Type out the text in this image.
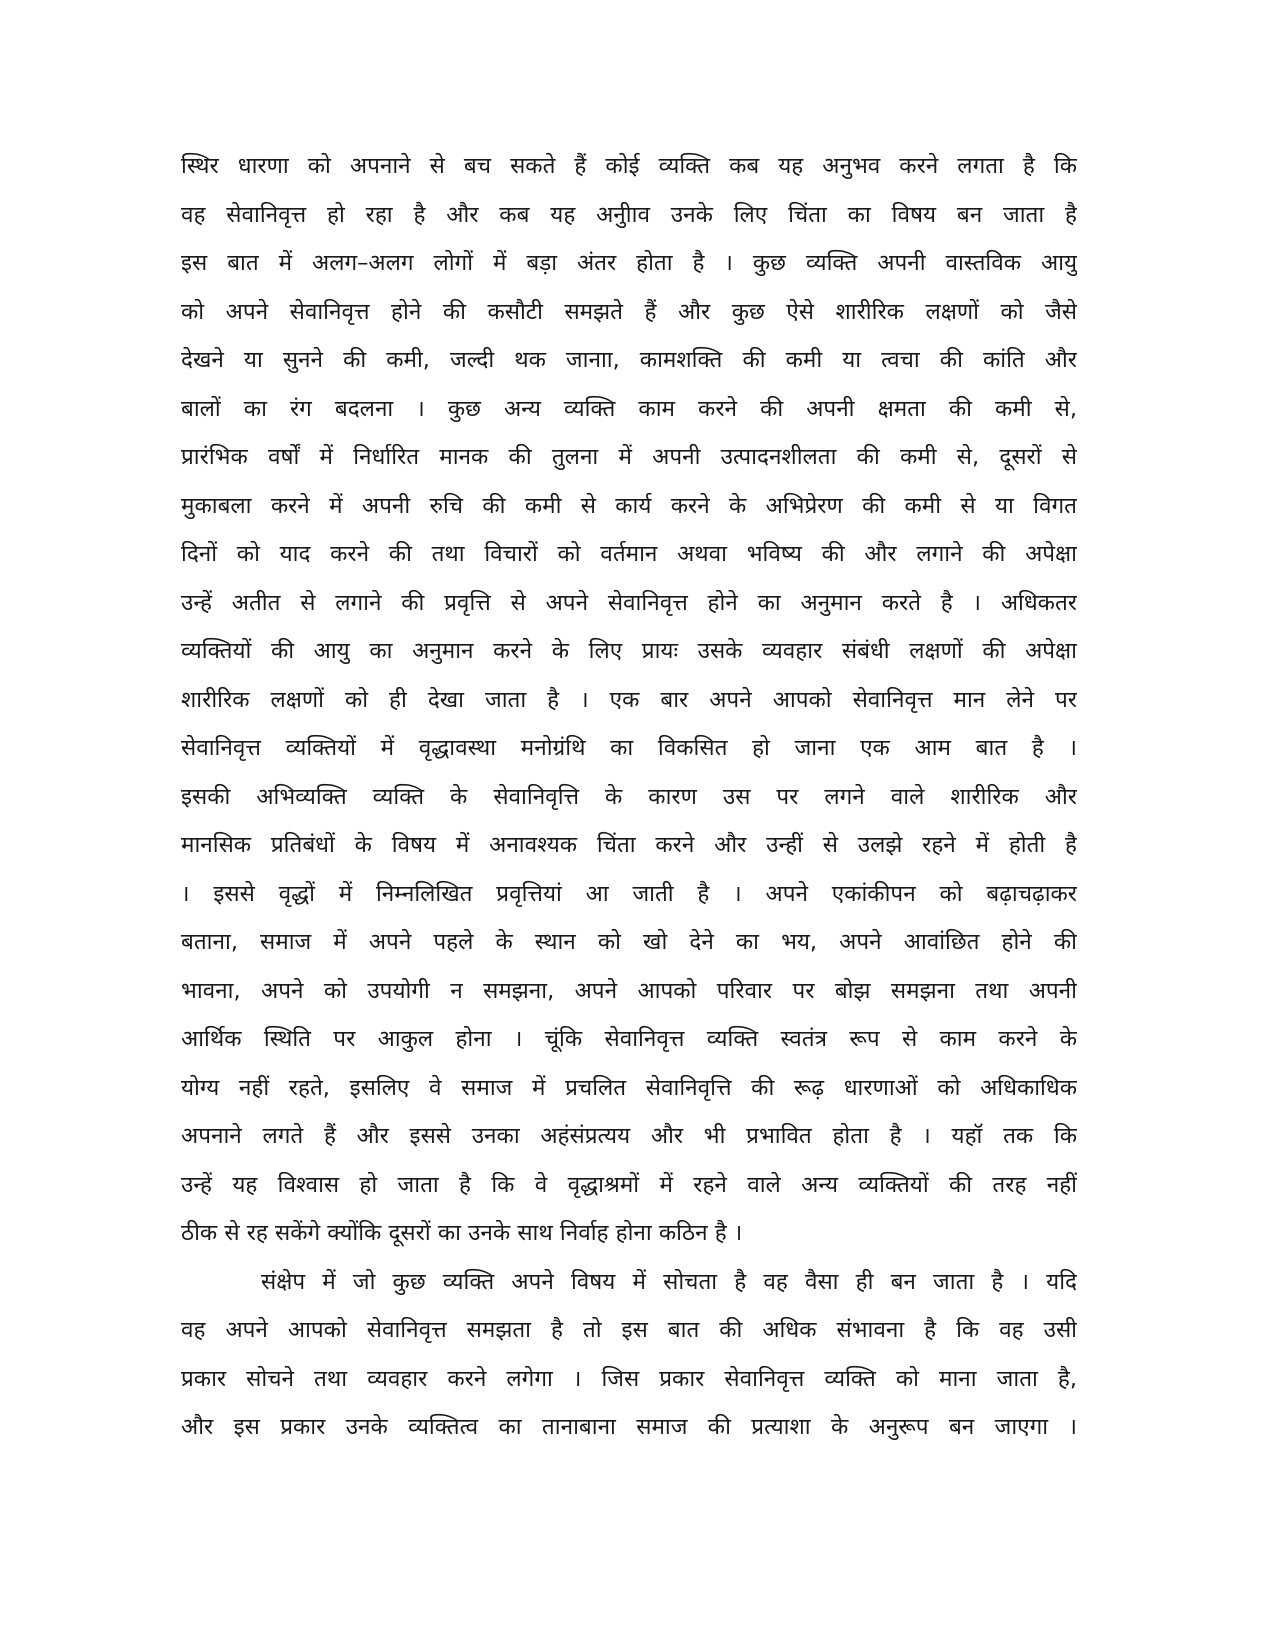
स्थिर धारणा को अपनाने से बच सकते हैं कोई व्यक्ति कब यह अनुभव करने लगता है कि
वह सेवानिवृत्त हो रहा है और कब यह अनुीाव उनके लिए चिंता का विषय बन जाता है
इस बात में अलग–अलग लोगों में बड़ा अंतर होता है । कुछ व्यक्ति अपनी वास्तविक आयु
को अपने सेवानिवृत्त होने की कसौटी समझते हैं और कुछ ऐसे शारीरिक लक्षणों को जैसे
देखने या सुनने की कमी, जल्दी थक जानाा, कामशक्ति की कमी या त्वचा की कांति और
बालों का रंग बदलना । कुछ अन्य व्यक्ति काम करने की अपनी क्षमता की कमी से,
प्रारंभिक वर्षों में निर्धारित मानक की तुलना में अपनी उत्पादनशीलता की कमी से, दूसरों से
मुकाबला करने में अपनी रुचि की कमी से कार्य करने के अभिप्रेरण की कमी से या विगत
दिनों को याद करने की तथा विचारों को वर्तमान अथवा भविष्य की और लगाने की अपेक्षा
उन्हें अतीत से लगाने की प्रवृत्ति से अपने सेवानिवृत्त होने का अनुमान करते है । अधिकतर
व्यक्तियों की आयु का अनुमान करने के लिए प्रायः उसके व्यवहार संबंधी लक्षणों की अपेक्षा
शारीरिक लक्षणों को ही देखा जाता है । एक बार अपने आपको सेवानिवृत्त मान लेने पर
सेवानिवृत्त व्यक्तियों में वृद्धावस्था मनोग्रंथि का विकसित हो जाना एक आम बात है ।
इसकी अभिव्यक्ति व्यक्ति के सेवानिवृत्ति के कारण उस पर लगने वाले शारीरिक और
मानसिक प्रतिबंधों के विषय में अनावश्यक चिंता करने और उन्हीं से उलझे रहने में होती है
। इससे वृद्धों में निम्नलिखित प्रवृत्तियां आ जाती है । अपने एकांकीपन को बढ़ाचढ़ाकर
बताना, समाज में अपने पहले के स्थान को खो देने का भय, अपने आवांछित होने की
भावना, अपने को उपयोगी न समझना, अपने आपको परिवार पर बोझ समझना तथा अपनी
आर्थिक स्थिति पर आकुल होना । चूंकि सेवानिवृत्त व्यक्ति स्वतंत्र रूप से काम करने के
योग्य नहीं रहते, इसलिए वे समाज में प्रचलित सेवानिवृत्ति की रूढ़ धारणाओं को अधिकाधिक
अपनाने लगते हैं और इससे उनका अहंसंप्रत्यय और भी प्रभावित होता है । यहॉ तक कि
उन्हें यह विश्वास हो जाता है कि वे वृद्धाश्रमों में रहने वाले अन्य व्यक्तियों की तरह नहीं
ठीक से रह सकेंगे क्योंकि दूसरों का उनके साथ निर्वाह होना कठिन है ।
संक्षेप में जो कुछ व्यक्ति अपने विषय में सोचता है वह वैसा ही बन जाता है । यदि
वह अपने आपको सेवानिवृत्त समझता है तो इस बात की अधिक संभावना है कि वह उसी
प्रकार सोचने तथा व्यवहार करने लगेगा । जिस प्रकार सेवानिवृत्त व्यक्ति को माना जाता है,
और इस प्रकार उनके व्यक्तित्व का तानाबाना समाज की प्रत्याशा के अनुरूप बन जाएगा ।
